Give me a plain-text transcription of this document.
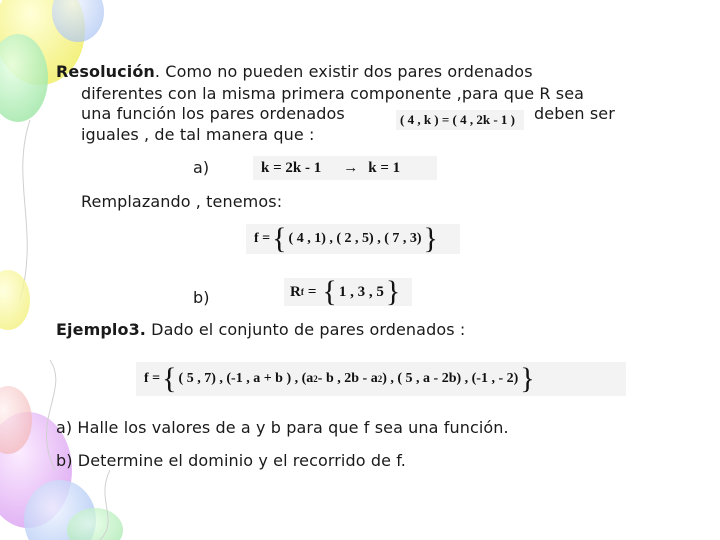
Resolución. Como no pueden existir dos pares ordenados
diferentes con la misma primera componente ,para que R sea
una función los pares ordenados	( 4 , k ) = ( 4 , 2k - 1 ) deben ser
iguales , de tal manera que :
a)	k = 2k - 1 → k = 1
Remplazando , tenemos:
f = { ( 4 , 1) , ( 2 , 5) , ( 7 , 3) }
b)	R f = { 1 , 3 , 5 }
Ejemplo3. Dado el conjunto de pares ordenados :
f = { ( 5 , 7) , (-1 , a + b ) , (a 2 - b , 2b - a 2 ) , ( 5 , a - 2b) , (-1 , - 2) }
a) Halle los valores de a y b para que f sea una función.
b) Determine el dominio y el recorrido de f.
